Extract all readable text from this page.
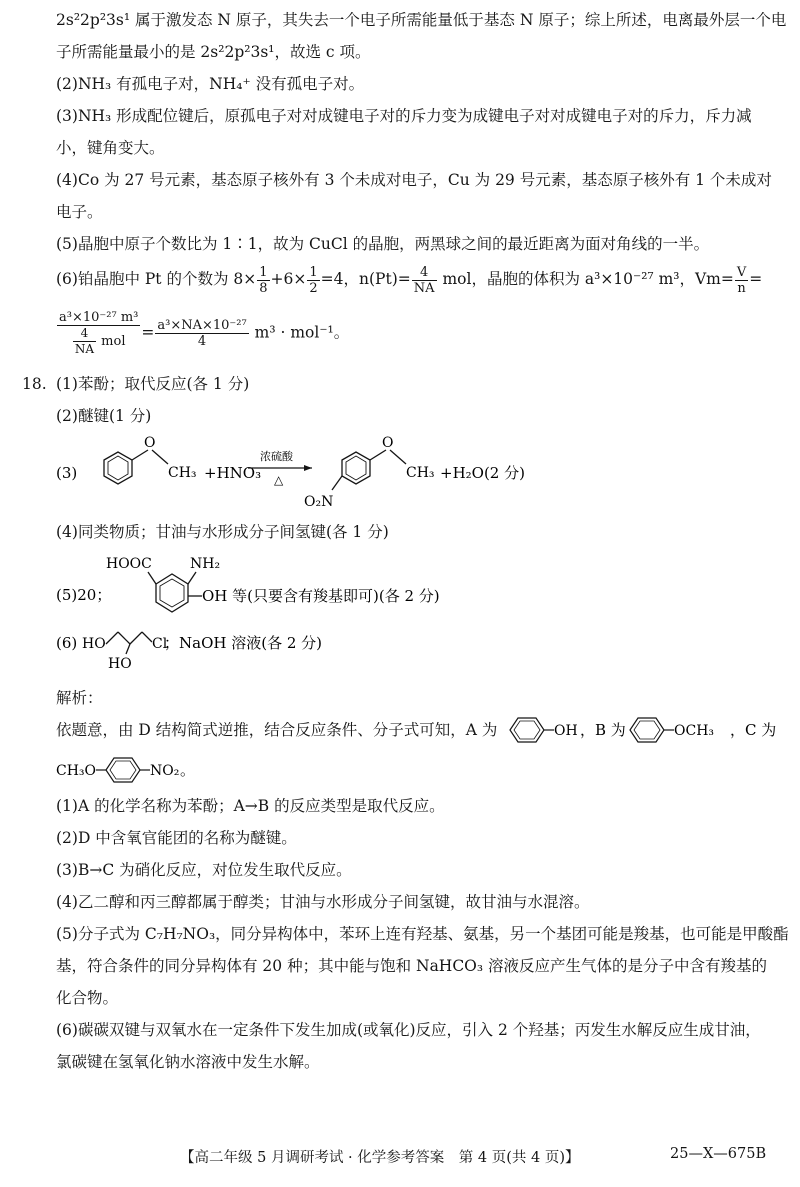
2s²2p²3s¹ 属于激发态 N 原子，其失去一个电子所需能量低于基态 N 原子；综上所述，电离最外层一个电
子所需能量最小的是 2s²2p²3s¹，故选 c 项。
(2)NH₃ 有孤电子对，NH₄⁺ 没有孤电子对。
(3)NH₃ 形成配位键后，原孤电子对对成键电子对的斥力变为成键电子对对成键电子对的斥力，斥力减
小，键角变大。
(4)Co 为 27 号元素，基态原子核外有 3 个未成对电子，Cu 为 29 号元素，基态原子核外有 1 个未成对
电子。
(5)晶胞中原子个数比为 1∶1，故为 CuCl 的晶胞，两黑球之间的最近距离为面对角线的一半。
(6)铂晶胞中 Pt 的个数为 $8\times \frac{1}{8} +6\times \frac{1}{2} =4$，$n(Pt)= \frac{4}{NA}$ mol，晶胞的体积为 a³×10⁻²⁷ m³，$Vm= \frac{V}{n}$ =
$\frac{\text{a³×10⁻²⁷ m³}}{\frac{4}{NA} mol} = \frac{\text{a³×NA×10⁻²⁷}}{4} m^3 \cdot mol^{-1}$。
18. (1)苯酚；取代反应(各 1 分)
(2)醚键(1 分)
(3)
O
CH₃ +HNO₃
浓硫酸
△
O
CH₃
O₂N
+H₂O(2 分)
(4)同类物质；甘油与水形成分子间氢键(各 1 分)
(5)20；
HOOC	NH₂
OH 等(只要含有羧基即可)(各 2 分)
(6) HO
HO
Cl
；NaOH 溶液(各 2 分)
解析：
依题意，由 D 结构简式逆推，结合反应条件、分子式可知，A 为	OH ，B 为	OCH₃ ，C 为
CH₃O	NO₂ 。
(1)A 的化学名称为苯酚；A→B 的反应类型是取代反应。
(2)D 中含氧官能团的名称为醚键。
(3)B→C 为硝化反应，对位发生取代反应。
(4)乙二醇和丙三醇都属于醇类；甘油与水形成分子间氢键，故甘油与水混溶。
(5)分子式为 C₇H₇NO₃，同分异构体中，苯环上连有羟基、氨基，另一个基团可能是羧基，也可能是甲酸酯
基，符合条件的同分异构体有 20 种；其中能与饱和 NaHCO₃ 溶液反应产生气体的是分子中含有羧基的
化合物。
(6)碳碳双键与双氧水在一定条件下发生加成(或氧化)反应，引入 2 个羟基；丙发生水解反应生成甘油，
氯碳键在氢氧化钠水溶液中发生水解。
【高二年级 5 月调研考试 · 化学参考答案　第 4 页(共 4 页)】	25—X—675B
